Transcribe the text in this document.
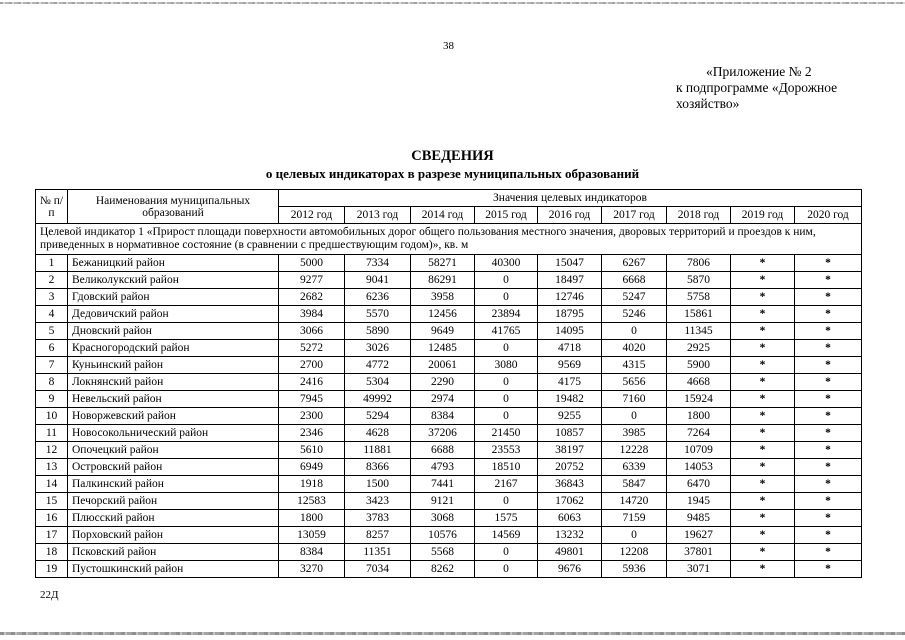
38
«Приложение № 2
к подпрограмме «Дорожное
хозяйство»
СВЕДЕНИЯ
о целевых индикаторах в разрезе муниципальных образований
№ п/п	Наименования муниципальных образований	Значения целевых индикаторов								
		2012 год	2013 год	2014 год	2015 год	2016 год	2017 год	2018 год	2019 год	2020 год
Целевой индикатор 1 «Прирост площади поверхности автомобильных дорог общего пользования местного значения, дворовых территорий и проездов к ним, приведенных в нормативное состояние (в сравнении с предшествующим годом)», кв. м										
1	Бежаницкий район	5000	7334	58271	40300	15047	6267	7806	*	*
2	Великолукский район	9277	9041	86291	0	18497	6668	5870	*	*
3	Гдовский район	2682	6236	3958	0	12746	5247	5758	*	*
4	Дедовичский район	3984	5570	12456	23894	18795	5246	15861	*	*
5	Дновский район	3066	5890	9649	41765	14095	0	11345	*	*
6	Красногородский район	5272	3026	12485	0	4718	4020	2925	*	*
7	Куньинский район	2700	4772	20061	3080	9569	4315	5900	*	*
8	Локнянский район	2416	5304	2290	0	4175	5656	4668	*	*
9	Невельский район	7945	49992	2974	0	19482	7160	15924	*	*
10	Новоржевский район	2300	5294	8384	0	9255	0	1800	*	*
11	Новосокольнический район	2346	4628	37206	21450	10857	3985	7264	*	*
12	Опочецкий район	5610	11881	6688	23553	38197	12228	10709	*	*
13	Островский район	6949	8366	4793	18510	20752	6339	14053	*	*
14	Палкинский район	1918	1500	7441	2167	36843	5847	6470	*	*
15	Печорский район	12583	3423	9121	0	17062	14720	1945	*	*
16	Плюсский район	1800	3783	3068	1575	6063	7159	9485	*	*
17	Порховский район	13059	8257	10576	14569	13232	0	19627	*	*
18	Псковский район	8384	11351	5568	0	49801	12208	37801	*	*
19	Пустошкинский район	3270	7034	8262	0	9676	5936	3071	*	*
22Д
